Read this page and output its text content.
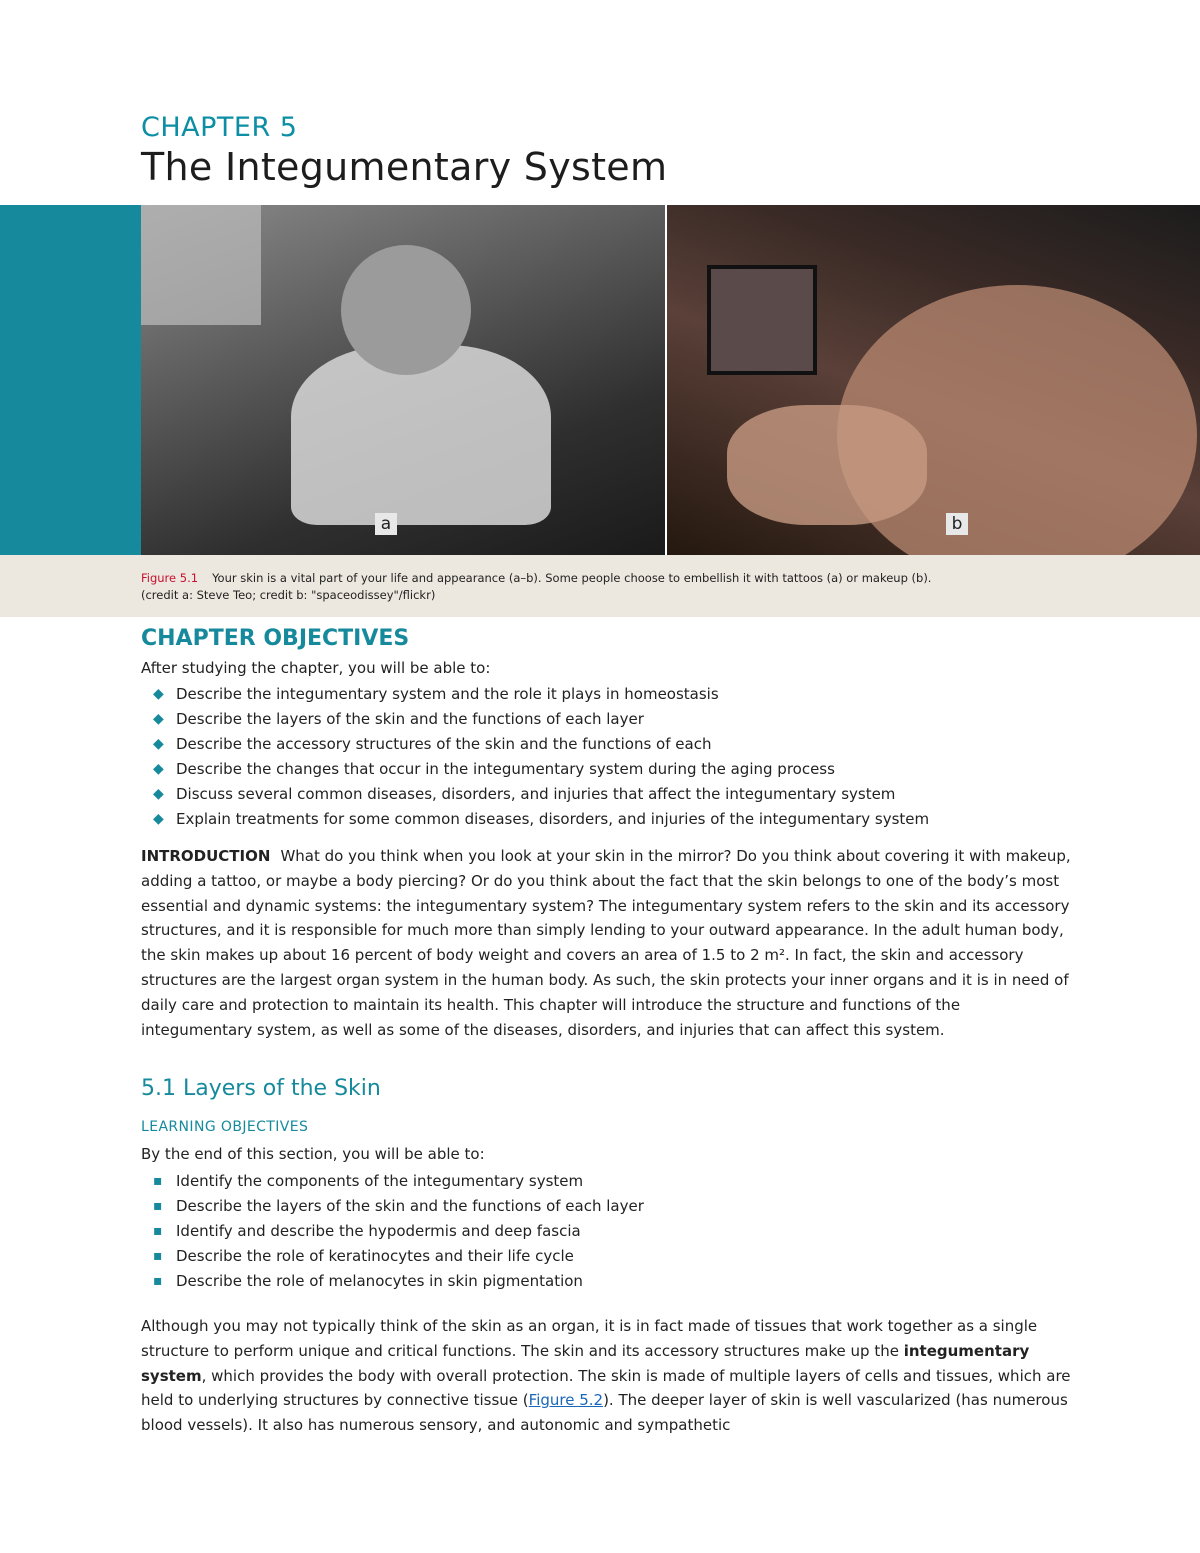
CHAPTER 5
The Integumentary System
a	b
Figure 5.1 Your skin is a vital part of your life and appearance (a–b). Some people choose to embellish it with tattoos (a) or makeup (b).
(credit a: Steve Teo; credit b: "spaceodissey"/flickr)
CHAPTER OBJECTIVES
After studying the chapter, you will be able to:
◆ Describe the integumentary system and the role it plays in homeostasis
◆ Describe the layers of the skin and the functions of each layer
◆ Describe the accessory structures of the skin and the functions of each
◆ Describe the changes that occur in the integumentary system during the aging process
◆ Discuss several common diseases, disorders, and injuries that affect the integumentary system
◆ Explain treatments for some common diseases, disorders, and injuries of the integumentary system
INTRODUCTION What do you think when you look at your skin in the mirror? Do you think about covering it with makeup, adding a tattoo, or maybe a body piercing? Or do you think about the fact that the skin belongs to one of the body’s most essential and dynamic systems: the integumentary system? The integumentary system refers to the skin and its accessory structures, and it is responsible for much more than simply lending to your outward appearance. In the adult human body, the skin makes up about 16 percent of body weight and covers an area of 1.5 to 2 m². In fact, the skin and accessory structures are the largest organ system in the human body. As such, the skin protects your inner organs and it is in need of daily care and protection to maintain its health. This chapter will introduce the structure and functions of the integumentary system, as well as some of the diseases, disorders, and injuries that can affect this system.
5.1 Layers of the Skin
LEARNING OBJECTIVES
By the end of this section, you will be able to:
▪ Identify the components of the integumentary system
▪ Describe the layers of the skin and the functions of each layer
▪ Identify and describe the hypodermis and deep fascia
▪ Describe the role of keratinocytes and their life cycle
▪ Describe the role of melanocytes in skin pigmentation
Although you may not typically think of the skin as an organ, it is in fact made of tissues that work together as a single structure to perform unique and critical functions. The skin and its accessory structures make up the integumentary system, which provides the body with overall protection. The skin is made of multiple layers of cells and tissues, which are held to underlying structures by connective tissue (Figure 5.2). The deeper layer of skin is well vascularized (has numerous blood vessels). It also has numerous sensory, and autonomic and sympathetic
